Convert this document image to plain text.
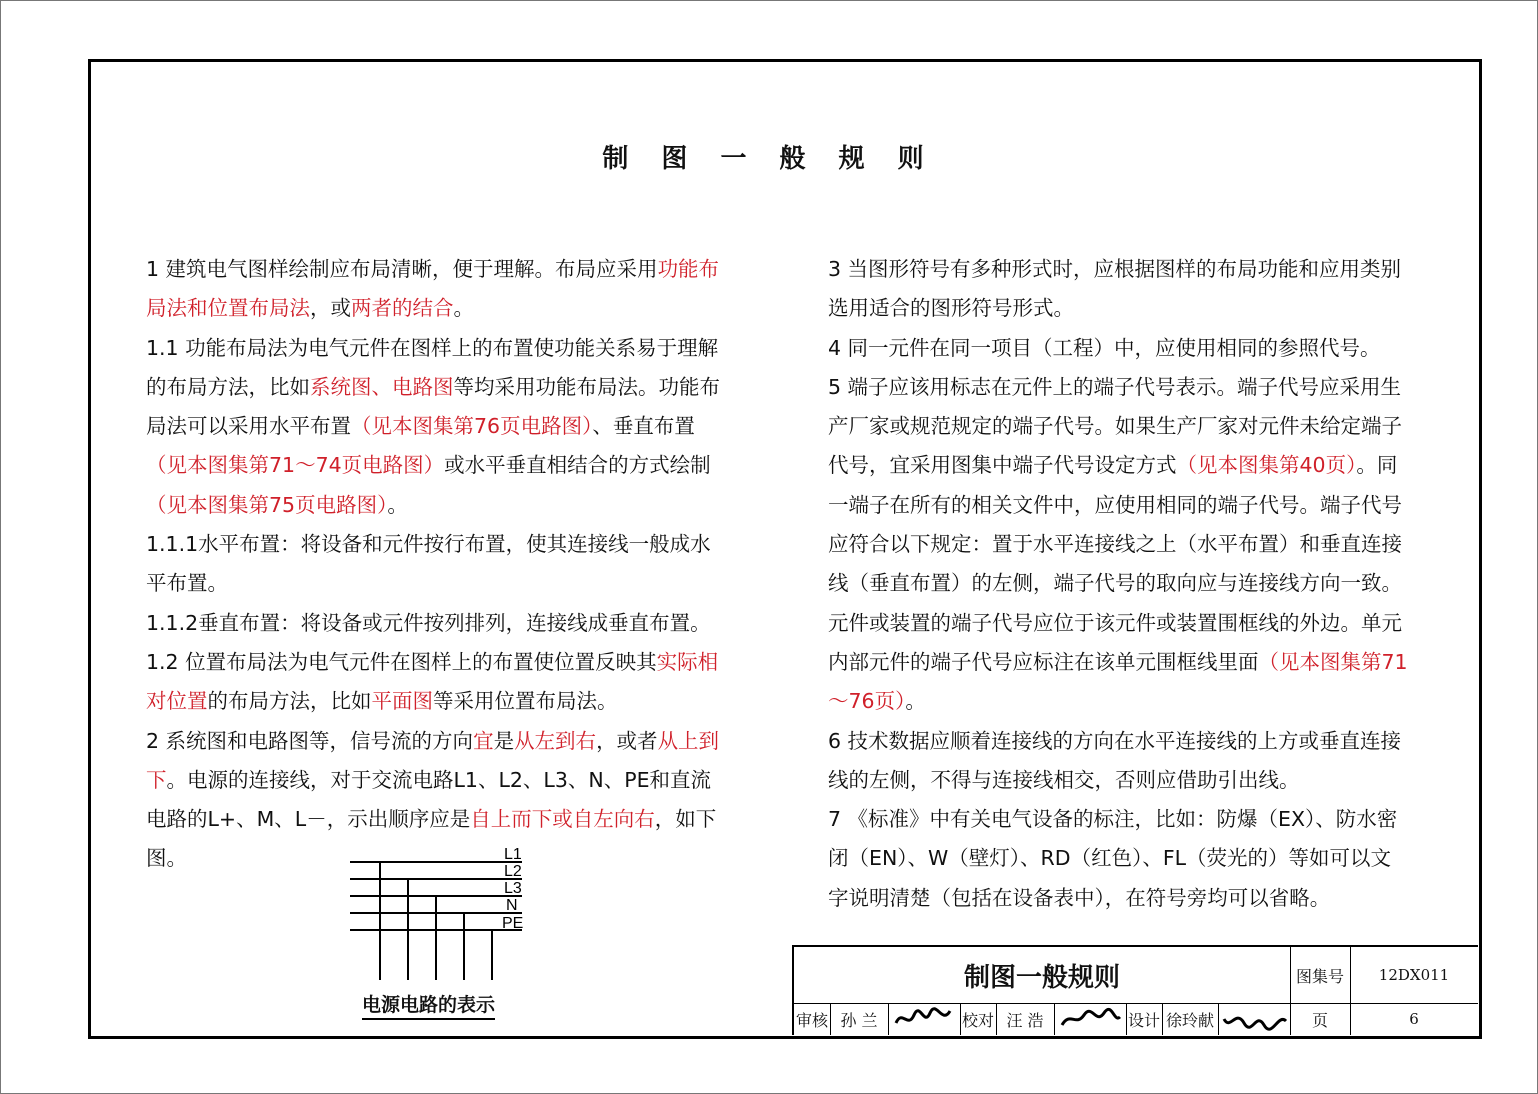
制 图 一 般 规 则

1 建筑电气图样绘制应布局清晰，便于理解。布局应采用功能布局法和位置布局法，或两者的结合。

1.1 功能布局法为电气元件在图样上的布置使功能关系易于理解的布局方法，比如系统图、电路图等均采用功能布局法。功能布局法可以采用水平布置（见本图集第76页电路图）、垂直布置（见本图集第71～74页电路图）或水平垂直相结合的方式绘制（见本图集第75页电路图）。

1.1.1水平布置：将设备和元件按行布置，使其连接线一般成水平布置。

1.1.2垂直布置：将设备或元件按列排列，连接线成垂直布置。

1.2 位置布局法为电气元件在图样上的布置使位置反映其实际相对位置的布局方法，比如平面图等采用位置布局法。

2 系统图和电路图等，信号流的方向宜是从左到右，或者从上到下。电源的连接线，对于交流电路L1、L2、L3、N、PE和直流电路的L+、M、L－，示出顺序应是自上而下或自左向右，如下图。

3 当图形符号有多种形式时，应根据图样的布局功能和应用类别选用适合的图形符号形式。

4 同一元件在同一项目（工程）中，应使用相同的参照代号。

5 端子应该用标志在元件上的端子代号表示。端子代号应采用生产厂家或规范规定的端子代号。如果生产厂家对元件未给定端子代号，宜采用图集中端子代号设定方式（见本图集第40页）。同一端子在所有的相关文件中，应使用相同的端子代号。端子代号应符合以下规定：置于水平连接线之上（水平布置）和垂直连接线（垂直布置）的左侧，端子代号的取向应与连接线方向一致。元件或装置的端子代号应位于该元件或装置围框线的外边。单元内部元件的端子代号应标注在该单元围框线里面（见本图集第71～76页）。

6 技术数据应顺着连接线的方向在水平连接线的上方或垂直连接线的左侧，不得与连接线相交，否则应借助引出线。

7 《标准》中有关电气设备的标注，比如：防爆（EX）、防水密闭（EN）、W（壁灯）、RD（红色）、FL（荧光的）等如可以文字说明清楚（包括在设备表中），在符号旁均可以省略。

L1
L2
L3
N
PE
电源电路的表示
制图一般规则	图集号	12DX011
审核 孙 兰	校对 汪 浩	设计 徐玲献	页	6
